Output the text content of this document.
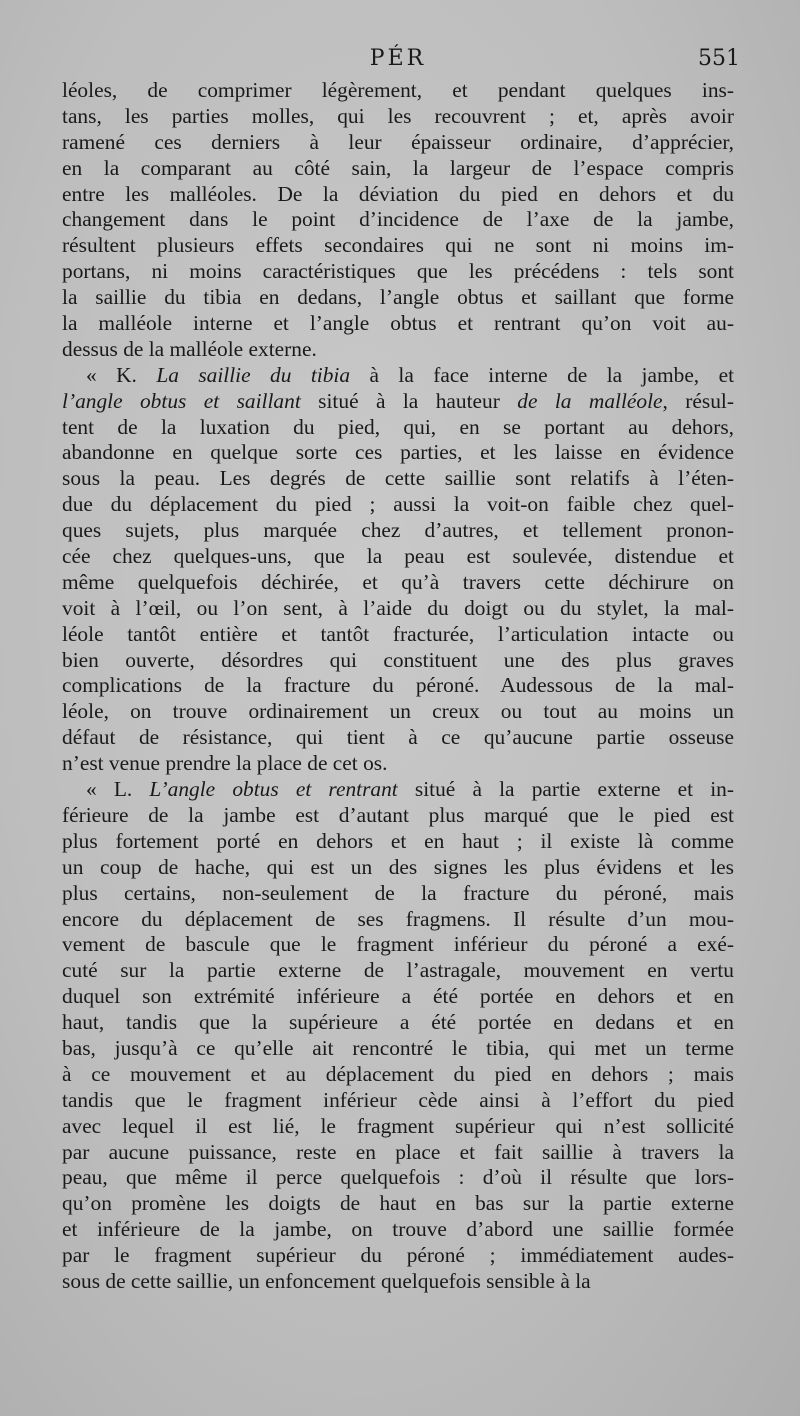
PÉR	551
léoles, de comprimer légèrement, et pendant quelques ins-
tans, les parties molles, qui les recouvrent ; et, après avoir
ramené ces derniers à leur épaisseur ordinaire, d’apprécier,
en la comparant au côté sain, la largeur de l’espace compris
entre les malléoles. De la déviation du pied en dehors et du
changement dans le point d’incidence de l’axe de la jambe,
résultent plusieurs effets secondaires qui ne sont ni moins im-
portans, ni moins caractéristiques que les précédens : tels sont
la saillie du tibia en dedans, l’angle obtus et saillant que forme
la malléole interne et l’angle obtus et rentrant qu’on voit au-
dessus de la malléole externe.
« K. La saillie du tibia à la face interne de la jambe, et
l’angle obtus et saillant situé à la hauteur de la malléole, résul-
tent de la luxation du pied, qui, en se portant au dehors,
abandonne en quelque sorte ces parties, et les laisse en évidence
sous la peau. Les degrés de cette saillie sont relatifs à l’éten-
due du déplacement du pied ; aussi la voit-on faible chez quel-
ques sujets, plus marquée chez d’autres, et tellement pronon-
cée chez quelques-uns, que la peau est soulevée, distendue et
même quelquefois déchirée, et qu’à travers cette déchirure on
voit à l’œil, ou l’on sent, à l’aide du doigt ou du stylet, la mal-
léole tantôt entière et tantôt fracturée, l’articulation intacte ou
bien ouverte, désordres qui constituent une des plus graves
complications de la fracture du péroné. Audessous de la mal-
léole, on trouve ordinairement un creux ou tout au moins un
défaut de résistance, qui tient à ce qu’aucune partie osseuse
n’est venue prendre la place de cet os.
« L. L’angle obtus et rentrant situé à la partie externe et in-
férieure de la jambe est d’autant plus marqué que le pied est
plus fortement porté en dehors et en haut ; il existe là comme
un coup de hache, qui est un des signes les plus évidens et les
plus certains, non-seulement de la fracture du péroné, mais
encore du déplacement de ses fragmens. Il résulte d’un mou-
vement de bascule que le fragment inférieur du péroné a exé-
cuté sur la partie externe de l’astragale, mouvement en vertu
duquel son extrémité inférieure a été portée en dehors et en
haut, tandis que la supérieure a été portée en dedans et en
bas, jusqu’à ce qu’elle ait rencontré le tibia, qui met un terme
à ce mouvement et au déplacement du pied en dehors ; mais
tandis que le fragment inférieur cède ainsi à l’effort du pied
avec lequel il est lié, le fragment supérieur qui n’est sollicité
par aucune puissance, reste en place et fait saillie à travers la
peau, que même il perce quelquefois : d’où il résulte que lors-
qu’on promène les doigts de haut en bas sur la partie externe
et inférieure de la jambe, on trouve d’abord une saillie formée
par le fragment supérieur du péroné ; immédiatement audes-
sous de cette saillie, un enfoncement quelquefois sensible à la
